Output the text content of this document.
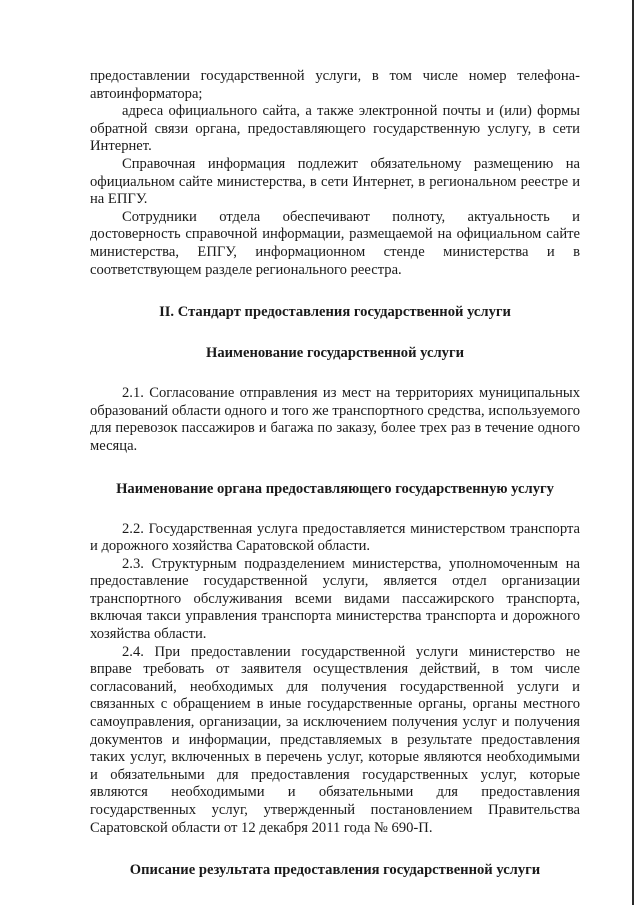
предоставлении государственной услуги, в том числе номер телефона-автоинформатора;

адреса официального сайта, а также электронной почты и (или) формы обратной связи органа, предоставляющего государственную услугу, в сети Интернет.

Справочная информация подлежит обязательному размещению на официальном сайте министерства, в сети Интернет, в региональном реестре и на ЕПГУ.

Сотрудники отдела обеспечивают полноту, актуальность и достоверность справочной информации, размещаемой на официальном сайте министерства, ЕПГУ, информационном стенде министерства и в соответствующем разделе регионального реестра.

II. Стандарт предоставления государственной услуги
Наименование государственной услуги

2.1. Согласование отправления из мест на территориях муниципальных образований области одного и того же транспортного средства, используемого для перевозок пассажиров и багажа по заказу, более трех раз в течение одного месяца.

Наименование органа предоставляющего государственную услугу

2.2. Государственная услуга предоставляется министерством транспорта и дорожного хозяйства Саратовской области.

2.3. Структурным подразделением министерства, уполномоченным на предоставление государственной услуги, является отдел организации транспортного обслуживания всеми видами пассажирского транспорта, включая такси управления транспорта министерства транспорта и дорожного хозяйства области.

2.4. При предоставлении государственной услуги министерство не вправе требовать от заявителя осуществления действий, в том числе согласований, необходимых для получения государственной услуги и связанных с обращением в иные государственные органы, органы местного самоуправления, организации, за исключением получения услуг и получения документов и информации, представляемых в результате предоставления таких услуг, включенных в перечень услуг, которые являются необходимыми и обязательными для предоставления государственных услуг, которые являются необходимыми и обязательными для предоставления государственных услуг, утвержденный постановлением Правительства Саратовской области от 12 декабря 2011 года № 690-П.

Описание результата предоставления государственной услуги
